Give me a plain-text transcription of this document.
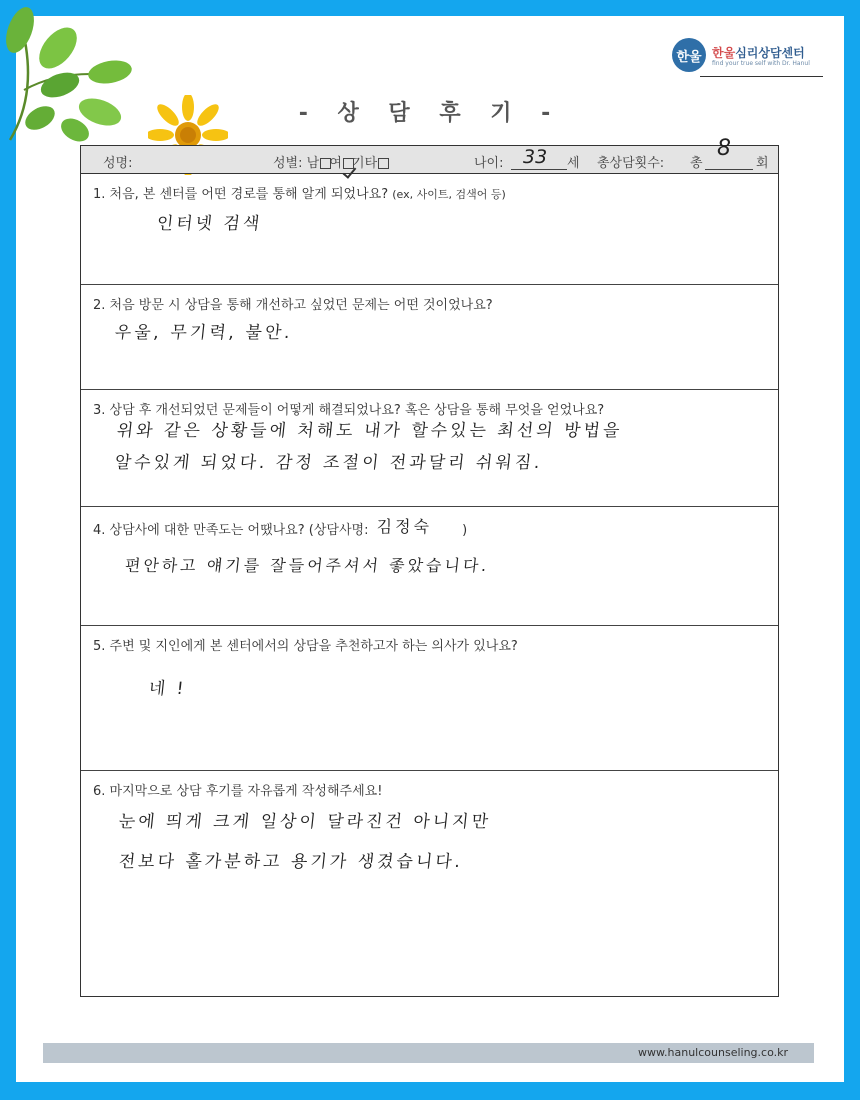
한울 한울심리상담센터
find your true self with Dr. Hanul
- 상 담 후 기 -
성명:	성별: 남 여 기타	나이: 33 세 총상담횟수: 총
8
회
1. 처음, 본 센터를 어떤 경로를 통해 알게 되었나요? (ex, 사이트, 검색어 등)
인터넷 검색
2. 처음 방문 시 상담을 통해 개선하고 싶었던 문제는 어떤 것이었나요?
우울, 무기력, 불안.
3. 상담 후 개선되었던 문제들이 어떻게 해결되었나요? 혹은 상담을 통해 무엇을 얻었나요?
위와 같은 상황들에 처해도 내가 할수있는 최선의 방법을
알수있게 되었다. 감정 조절이 전과달리 쉬워짐.
4. 상담사에 대한 만족도는 어땠나요? (상담사명: 김정숙 )
편안하고 얘기를 잘들어주셔서 좋았습니다.
5. 주변 및 지인에게 본 센터에서의 상담을 추천하고자 하는 의사가 있나요?
네 !
6. 마지막으로 상담 후기를 자유롭게 작성해주세요!
눈에 띄게 크게 일상이 달라진건 아니지만
전보다 홀가분하고 용기가 생겼습니다.
www.hanulcounseling.co.kr
